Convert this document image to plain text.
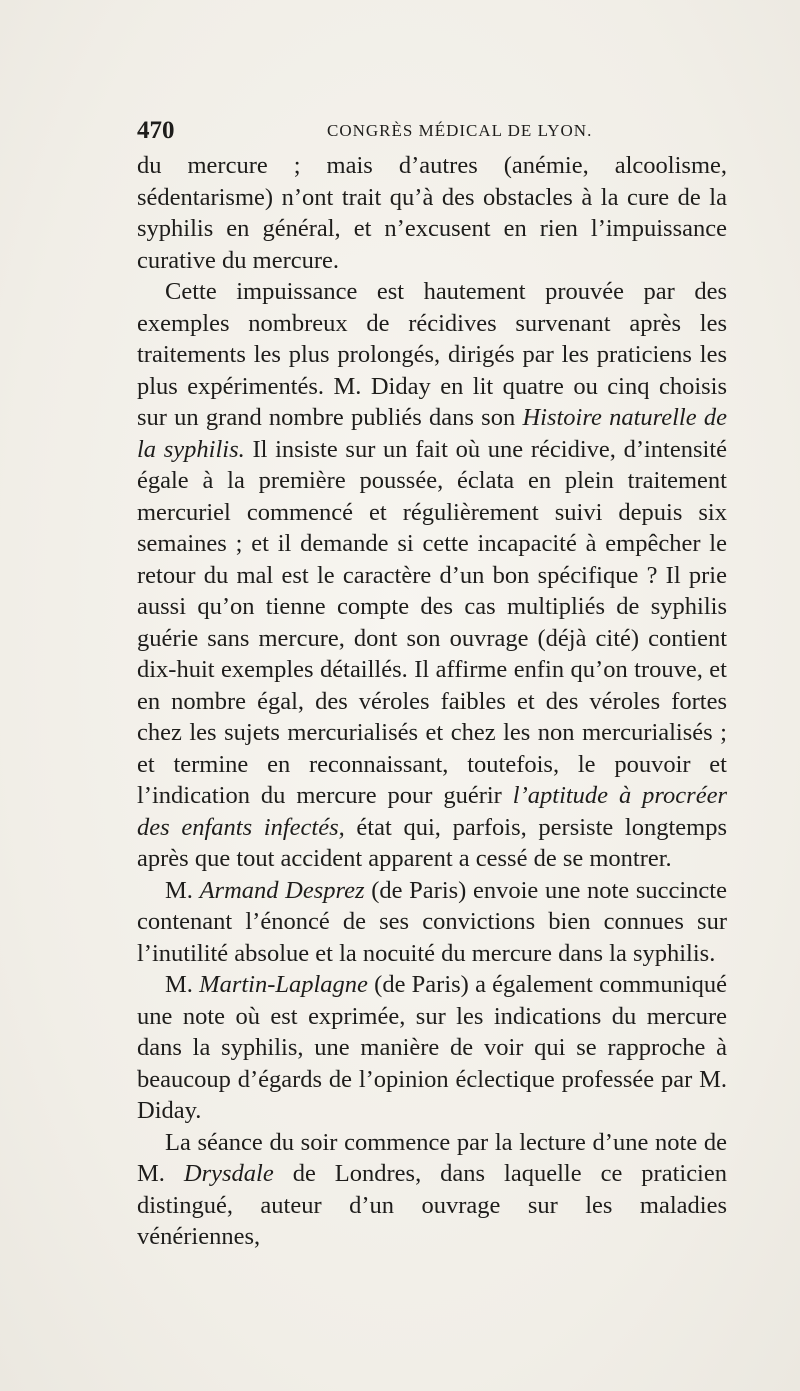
470	CONGRÈS MÉDICAL DE LYON.

du mercure ; mais d’autres (anémie, alcoolisme, sédentarisme) n’ont trait qu’à des obstacles à la cure de la syphilis en général, et n’excusent en rien l’impuissance curative du mercure.

Cette impuissance est hautement prouvée par des exemples nombreux de récidives survenant après les traitements les plus prolongés, dirigés par les praticiens les plus expérimentés. M. Diday en lit quatre ou cinq choisis sur un grand nombre publiés dans son Histoire naturelle de la syphilis. Il insiste sur un fait où une récidive, d’intensité égale à la première poussée, éclata en plein traitement mercuriel commencé et régulièrement suivi depuis six semaines ; et il demande si cette incapacité à empêcher le retour du mal est le caractère d’un bon spécifique ? Il prie aussi qu’on tienne compte des cas multipliés de syphilis guérie sans mercure, dont son ouvrage (déjà cité) contient dix-huit exemples détaillés. Il affirme enfin qu’on trouve, et en nombre égal, des véroles faibles et des véroles fortes chez les sujets mercurialisés et chez les non mercurialisés ; et termine en reconnaissant, toutefois, le pouvoir et l’indication du mercure pour guérir l’aptitude à procréer des enfants infectés, état qui, parfois, persiste longtemps après que tout accident apparent a cessé de se montrer.

M. Armand Desprez (de Paris) envoie une note succincte contenant l’énoncé de ses convictions bien connues sur l’inutilité absolue et la nocuité du mercure dans la syphilis.

M. Martin-Laplagne (de Paris) a également communiqué une note où est exprimée, sur les indications du mercure dans la syphilis, une manière de voir qui se rapproche à beaucoup d’égards de l’opinion éclectique professée par M. Diday.

La séance du soir commence par la lecture d’une note de M. Drysdale de Londres, dans laquelle ce praticien distingué, auteur d’un ouvrage sur les maladies vénériennes,
